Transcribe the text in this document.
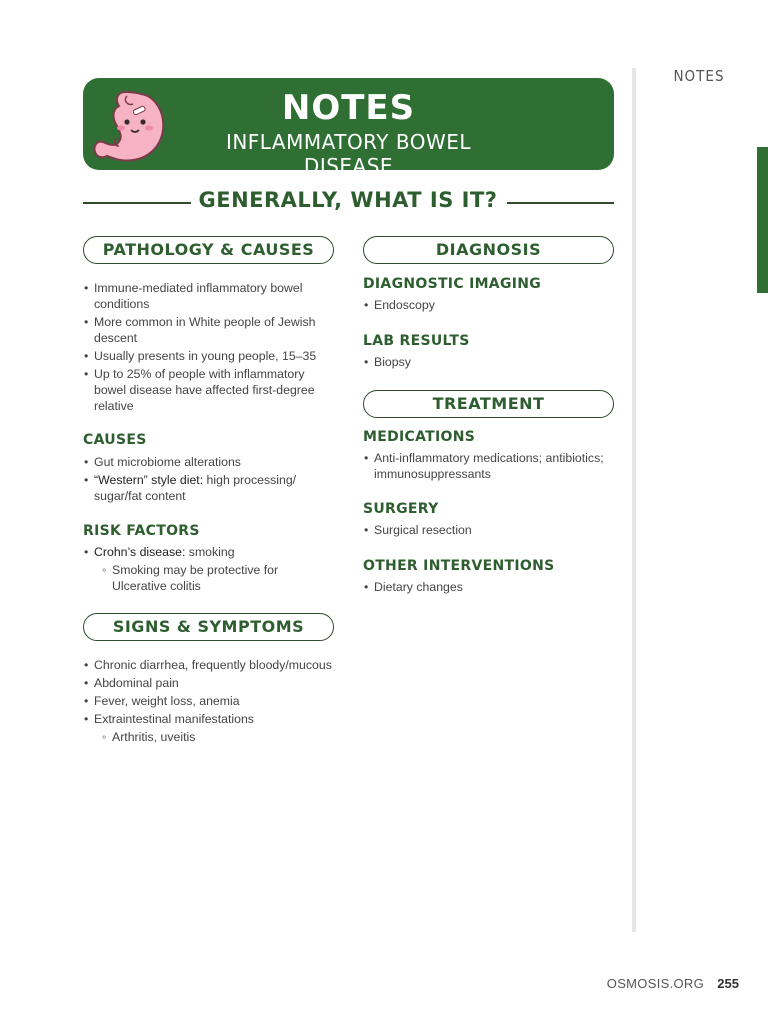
NOTES
NOTES
INFLAMMATORY BOWEL DISEASE
GENERALLY, WHAT IS IT?
PATHOLOGY & CAUSES
• Immune-mediated inflammatory bowel conditions
• More common in White people of Jewish descent
• Usually presents in young people, 15–35
• Up to 25% of people with inflammatory bowel disease have affected first-degree relative
CAUSES
• Gut microbiome alterations
• “Western” style diet: high processing/ sugar/fat content
RISK FACTORS
• Crohn’s disease: smoking
◦ Smoking may be protective for Ulcerative colitis
SIGNS & SYMPTOMS
• Chronic diarrhea, frequently bloody/mucous
• Abdominal pain
• Fever, weight loss, anemia
• Extraintestinal manifestations
◦ Arthritis, uveitis
DIAGNOSIS
DIAGNOSTIC IMAGING
• Endoscopy
LAB RESULTS
• Biopsy
TREATMENT
MEDICATIONS
• Anti-inflammatory medications; antibiotics; immunosuppressants
SURGERY
• Surgical resection
OTHER INTERVENTIONS
• Dietary changes
OSMOSIS.ORG 255
